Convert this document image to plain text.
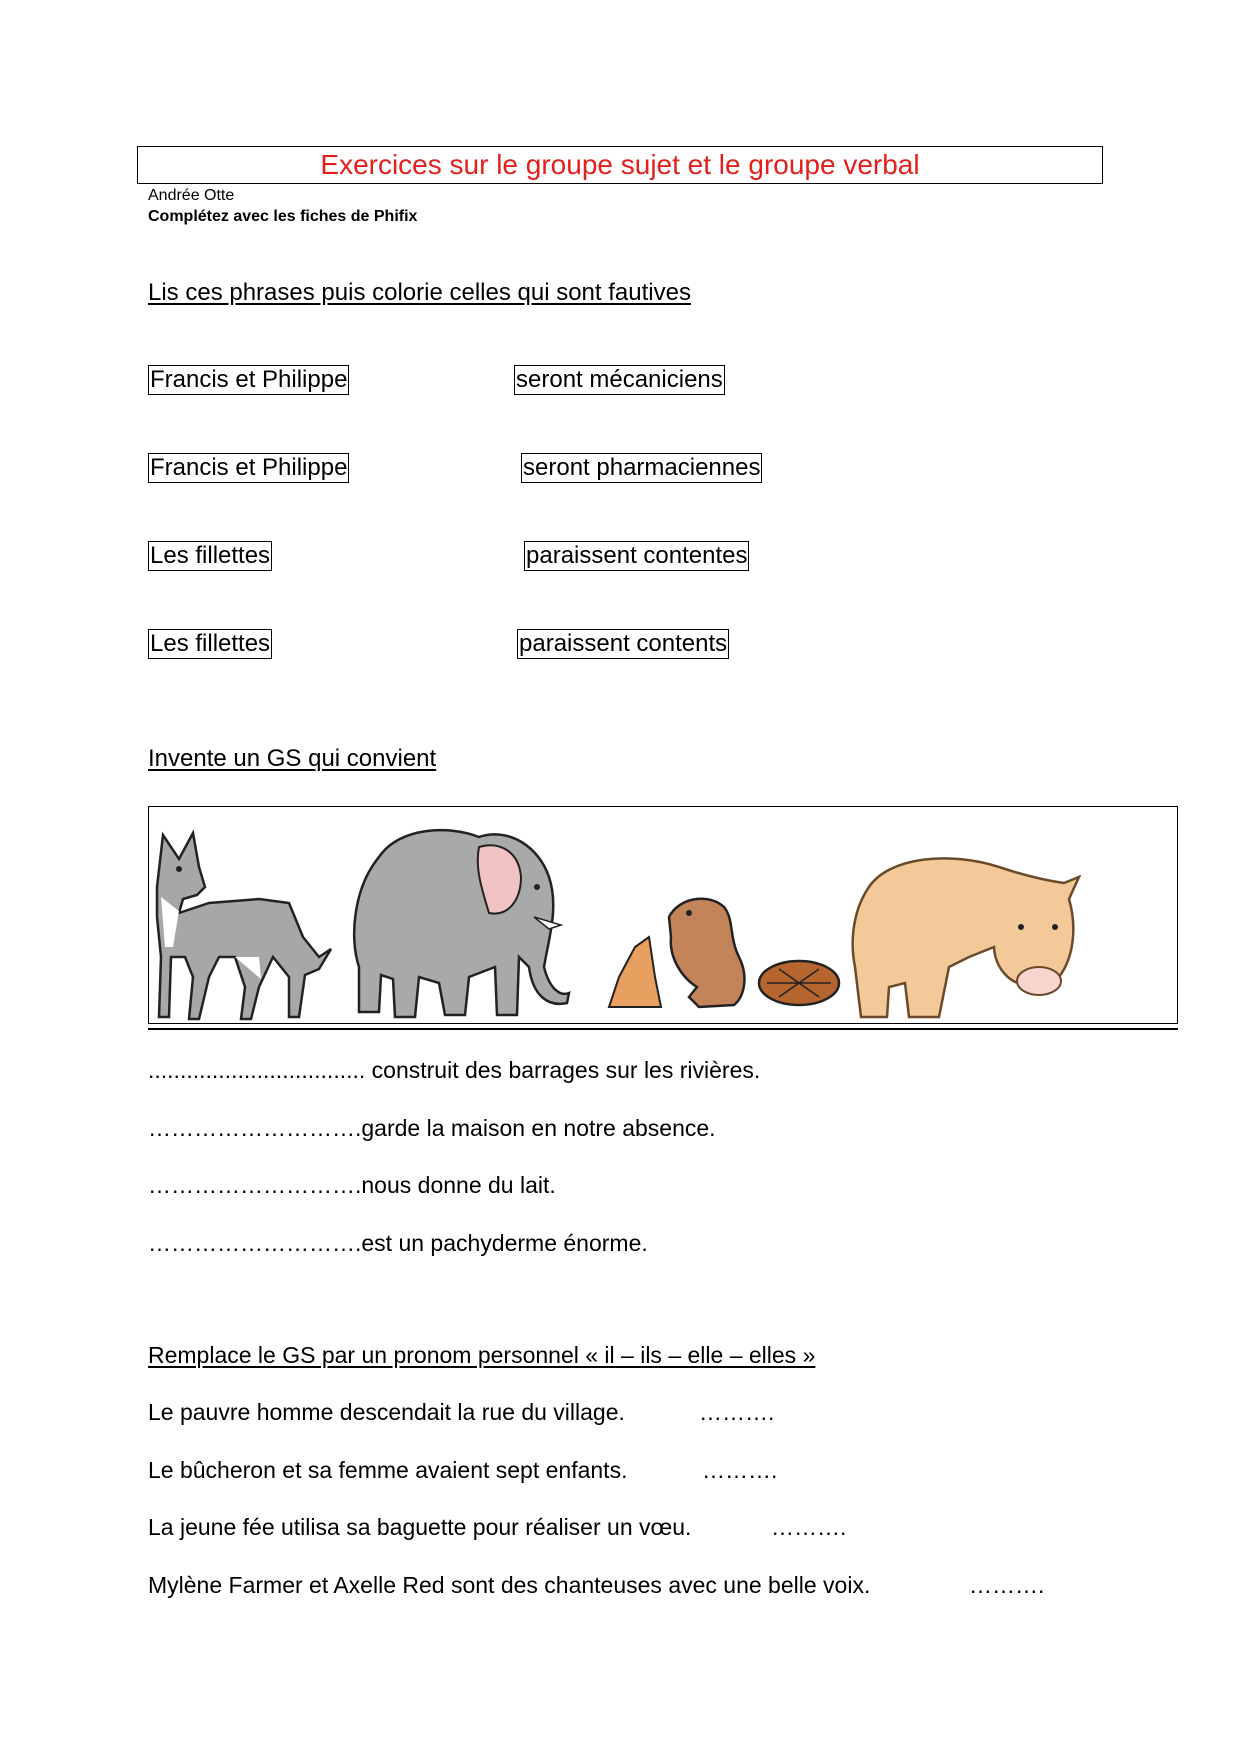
Exercices sur le groupe sujet et le groupe verbal
Andrée Otte
Complétez avec les fiches de Phifix
Lis ces phrases puis colorie celles qui sont fautives
Francis et Philippe	seront mécaniciens
Francis et Philippe	seront pharmaciennes
Les fillettes	paraissent contentes
Les fillettes	paraissent contents
Invente un GS qui convient
.................................. construit des barrages sur les rivières.
……………………….garde la maison en notre absence.
……………………….nous donne du lait.
……………………….est un pachyderme énorme.
Remplace le GS par un pronom personnel « il – ils – elle – elles »
Le pauvre homme descendait la rue du village.	……….
Le bûcheron et sa femme avaient sept enfants.	……….
La jeune fée utilisa sa baguette pour réaliser un vœu.	……….
Mylène Farmer et Axelle Red sont des chanteuses avec une belle voix.	……….
